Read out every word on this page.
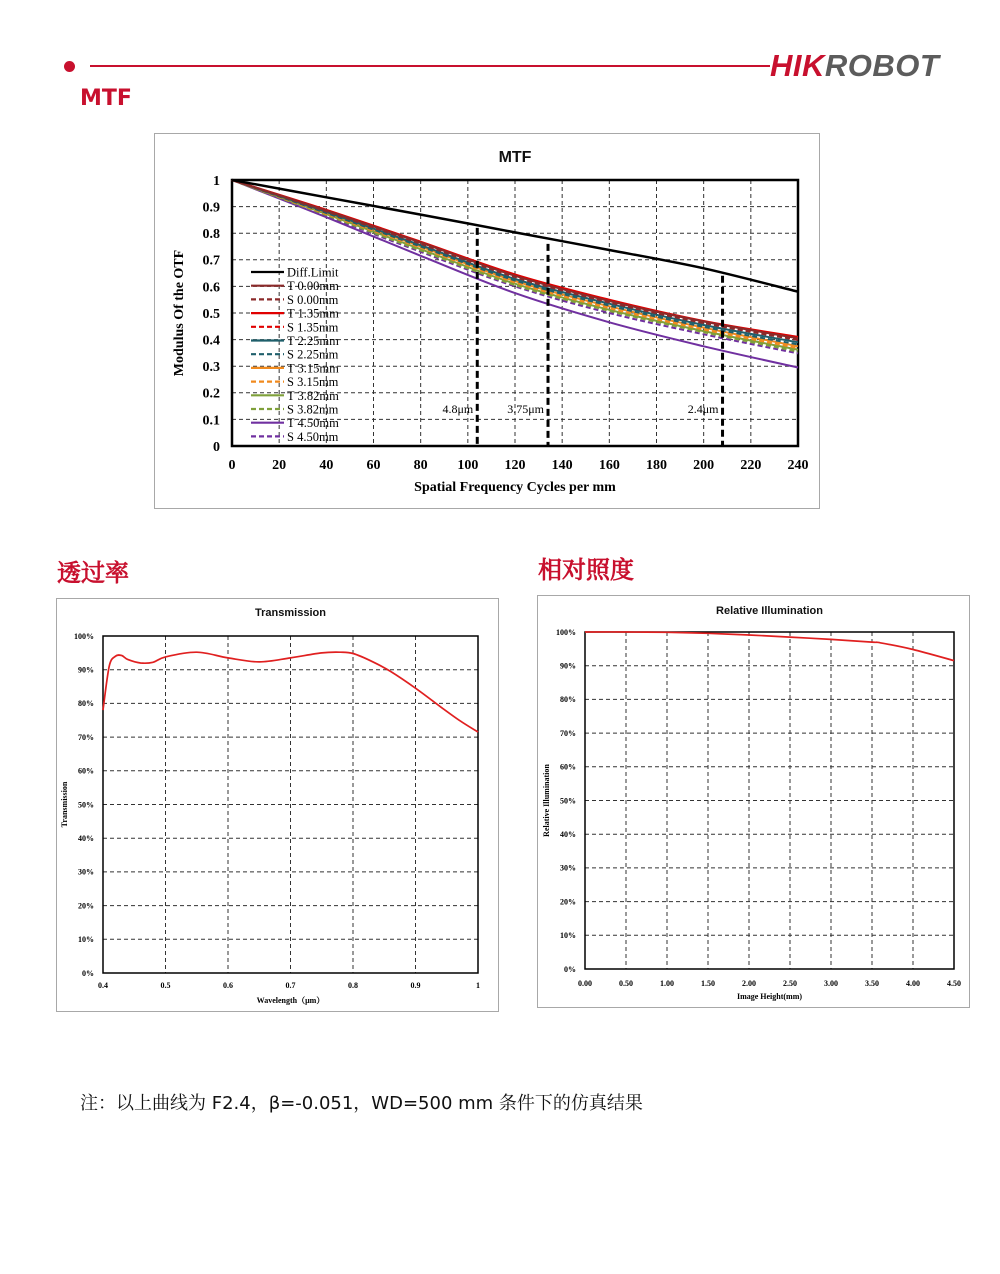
HIKROBOT
MTF
透过率	相对照度
MTF
0	20 40 60 80 100 120 140 160 180 200 220 240
0
0.1
0.2
0.3
0.4
0.5
0.6
0.7
0.8
0.9
1
Spatial Frequency Cycles per mm
Modulus Of the OTF
4.8μm	3.75μm	2.4μm
Diff.Limit
T 0.00mm
S 0.00mm
T 1.35mm
S 1.35mm
T 2.25mm
S 2.25mm
T 3.15mm
S 3.15mm
T 3.82mm
S 3.82mm
T 4.50mm
S 4.50mm
Transmission
0.4	0.5	0.6	0.7	0.8	0.9	1
0%
10%
20%
30%
40%
50%
60%
70%
80%
90%
100%
Wavelength（μm）
Transmission
Relative Illumination
0.00	0.50	1.00	1.50	2.00	2.50	3.00	3.50	4.00	4.50
0%
10%
20%
30%
40%
50%
60%
70%
80%
90%
100%
Image Height(mm)
Relative Illumination
注：以上曲线为 F2.4，β=-0.051，WD=500 mm 条件下的仿真结果
